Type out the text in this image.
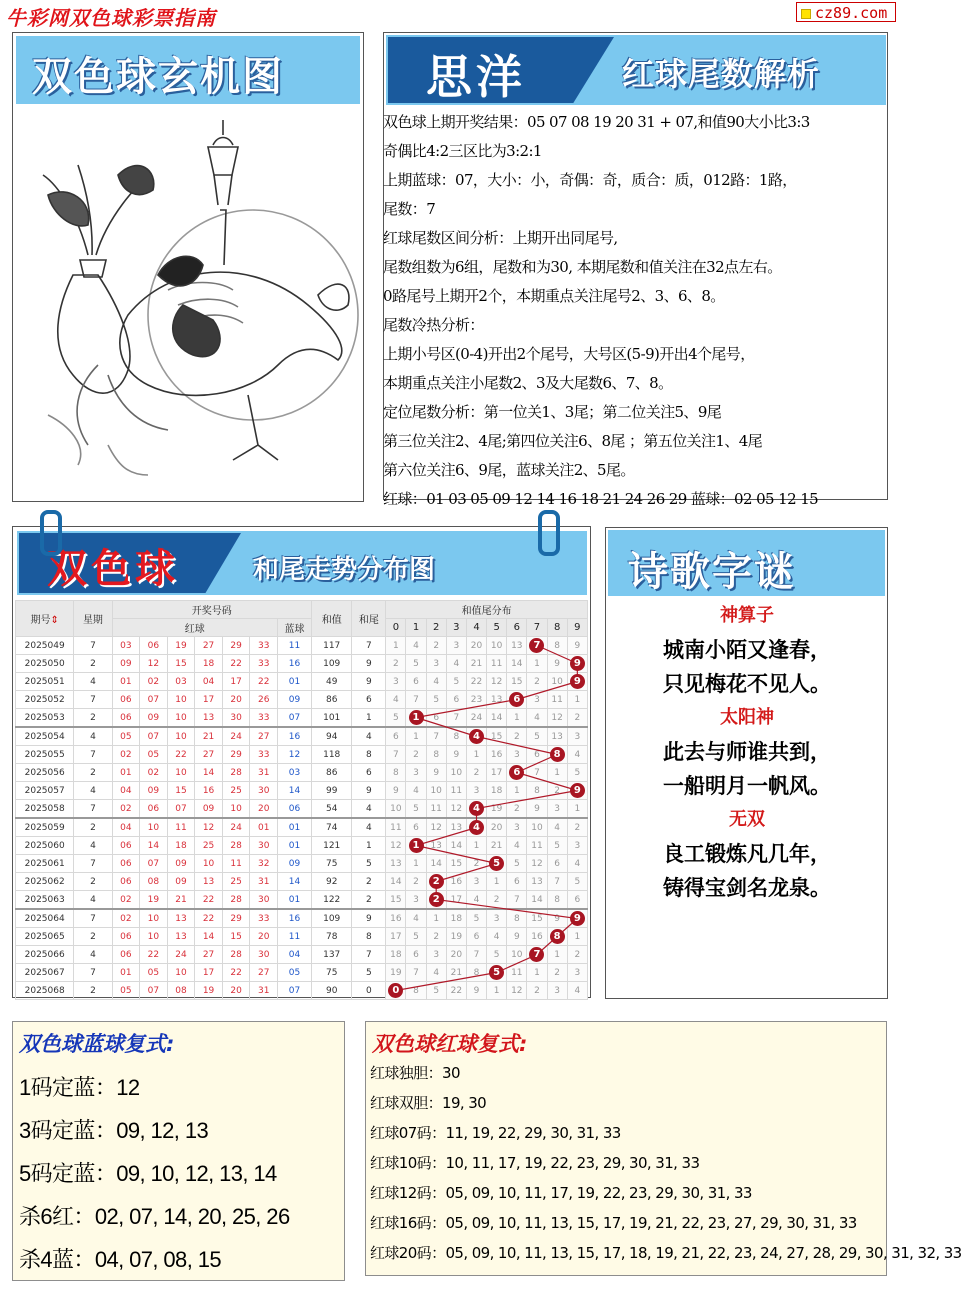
牛彩网双色球彩票指南	cz89.com
双色球玄机图	思洋	红球尾数解析
双色球上期开奖结果：05 07 08 19 20 31 + 07,和值90大小比3:3
奇偶比4:2三区比为3:2:1
上期蓝球：07，大小：小，奇偶：奇，质合：质，012路：1路，
尾数：7
红球尾数区间分析：上期开出同尾号,
尾数组数为6组，尾数和为30, 本期尾数和值关注在32点左右。
0路尾号上期开2个，本期重点关注尾号2、3、6、8。
尾数冷热分析：
上期小号区(0-4)开出2个尾号，大号区(5-9)开出4个尾号，
本期重点关注小尾数2、3及大尾数6、7、8。
定位尾数分析：第一位关1、3尾；第二位关注5、9尾
第三位关注2、4尾;第四位关注6、8尾 ；第五位关注1、4尾
第六位关注6、9尾，蓝球关注2、5尾。
红球：01 03 05 09 12 14 16 18 21 24 26 29 蓝球：02 05 12 15
双色球	和尾走势分布图
期号⇕	星期	开奖号码							和值	和尾	和值尾分布									
		红球						蓝球			0	1	2	3	4	5	6	7	8	9
2025049	7	03	06	19	27	29	33	11	117	7	1	4	2	3	20	10	13	7	8	9
2025050	2	09	12	15	18	22	33	16	109	9	2	5	3	4	21	11	14	1	9	9
2025051	4	01	02	03	04	17	22	01	49	9	3	6	4	5	22	12	15	2	10	9
2025052	7	06	07	10	17	20	26	09	86	6	4	7	5	6	23	13	6	3	11	1
2025053	2	06	09	10	13	30	33	07	101	1	5	1	6	7	24	14	1	4	12	2
2025054	4	05	07	10	21	24	27	16	94	4	6	1	7	8	4	15	2	5	13	3
2025055	7	02	05	22	27	29	33	12	118	8	7	2	8	9	1	16	3	6	8	4
2025056	2	01	02	10	14	28	31	03	86	6	8	3	9	10	2	17	6	7	1	5
2025057	4	04	09	15	16	25	30	14	99	9	9	4	10	11	3	18	1	8	2	9
2025058	7	02	06	07	09	10	20	06	54	4	10	5	11	12	4	19	2	9	3	1
2025059	2	04	10	11	12	24	01	01	74	4	11	6	12	13	4	20	3	10	4	2
2025060	4	06	14	18	25	28	30	01	121	1	12	1	13	14	1	21	4	11	5	3
2025061	7	06	07	09	10	11	32	09	75	5	13	1	14	15	2	5	5	12	6	4
2025062	2	06	08	09	13	25	31	14	92	2	14	2	2	16	3	1	6	13	7	5
2025063	4	02	19	21	22	28	30	01	122	2	15	3	2	17	4	2	7	14	8	6
2025064	7	02	10	13	22	29	33	16	109	9	16	4	1	18	5	3	8	15	9	9
2025065	2	06	10	13	14	15	20	11	78	8	17	5	2	19	6	4	9	16	8	1
2025066	4	06	22	24	27	28	30	04	137	7	18	6	3	20	7	5	10	7	1	2
2025067	7	01	05	10	17	22	27	05	75	5	19	7	4	21	8	5	11	1	2	3
2025068	2	05	07	08	19	20	31	07	90	0	0	8	5	22	9	1	12	2	3	4
诗歌字谜
神算子
城南小陌又逢春，
只见梅花不见人。
太阳神
此去与师谁共到，
一船明月一帆风。
无双
良工锻炼凡几年，
铸得宝剑名龙泉。
双色球蓝球复式:
1码定蓝：12
3码定蓝：09, 12, 13
5码定蓝：09, 10, 12, 13, 14
杀6红：02, 07, 14, 20, 25, 26
杀4蓝：04, 07, 08, 15
双色球红球复式:
红球独胆：30
红球双胆：19, 30
红球07码：11, 19, 22, 29, 30, 31, 33
红球10码：10, 11, 17, 19, 22, 23, 29, 30, 31, 33
红球12码：05, 09, 10, 11, 17, 19, 22, 23, 29, 30, 31, 33
红球16码：05, 09, 10, 11, 13, 15, 17, 19, 21, 22, 23, 27, 29, 30, 31, 33
红球20码：05, 09, 10, 11, 13, 15, 17, 18, 19, 21, 22, 23, 24, 27, 28, 29, 30, 31, 32, 33
